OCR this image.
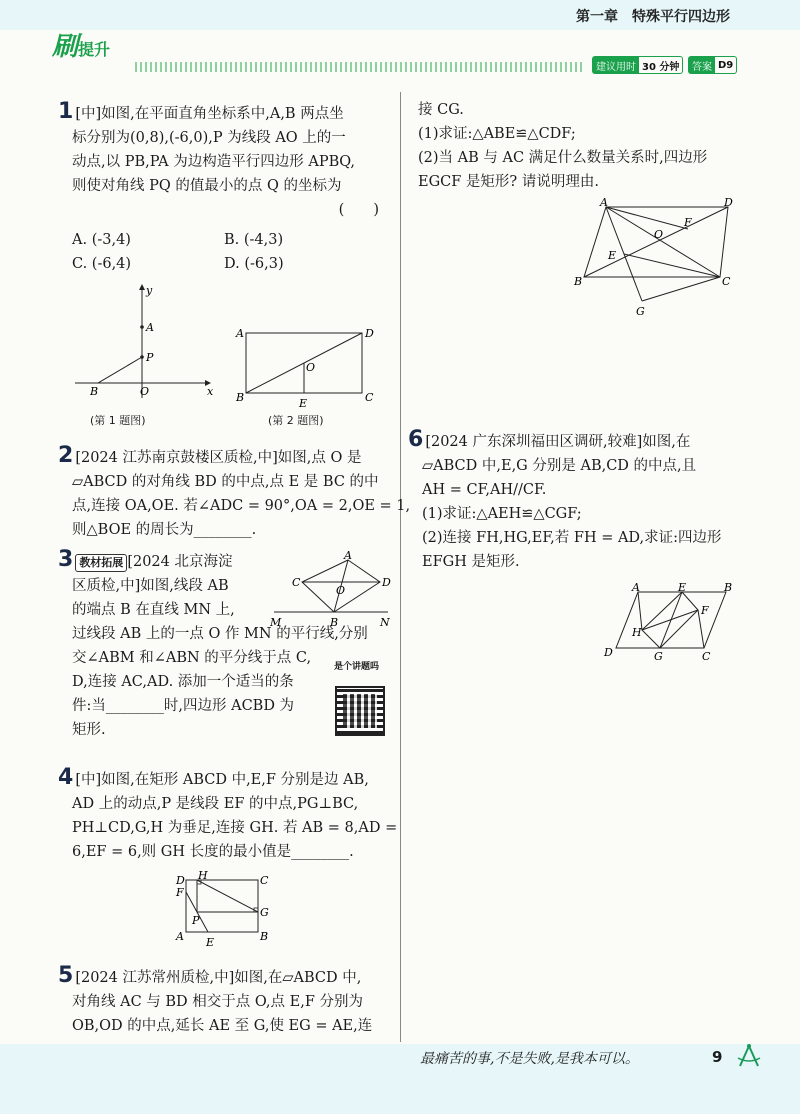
第一章　特殊平行四边形
刷提升
建议用时 30 分钟	答案 D9
1 [中]如图,在平面直角坐标系中,A,B 两点坐
标分别为(0,8),(-6,0),P 为线段 AO 上的一
动点,以 PB,PA 为边构造平行四边形 APBQ,
则使对角线 PQ 的值最小的点 Q 的坐标为
(　　)
A. (-3,4)	B. (-4,3)
C. (-6,4)	D. (-6,3)
y
x
A
P
B	O
(第 1 题图)
A	D
B	C
O
E
(第 2 题图)
2 [2024 江苏南京鼓楼区质检,中]如图,点 O 是
▱ABCD 的对角线 BD 的中点,点 E 是 BC 的中
点,连接 OA,OE. 若∠ADC = 90°,OA = 2,OE = 1,
则△BOE 的周长为________.
3 教材拓展 [2024 北京海淀
区质检,中]如图,线段 AB
的端点 B 在直线 MN 上,
过线段 AB 上的一点 O 作 MN 的平行线,分别
交∠ABM 和∠ABN 的平分线于点 C,
D,连接 AC,AD. 添加一个适当的条
件:当________时,四边形 ACBD 为
矩形.
A
C	D
O
M	B	N
是个讲题吗
4 [中]如图,在矩形 ABCD 中,E,F 分别是边 AB,
AD 上的动点,P 是线段 EF 的中点,PG⊥BC,
PH⊥CD,G,H 为垂足,连接 GH. 若 AB = 8,AD =
6,EF = 6,则 GH 长度的最小值是________.
D H	C
F
P
G
A E	B
5 [2024 江苏常州质检,中]如图,在▱ABCD 中,
对角线 AC 与 BD 相交于点 O,点 E,F 分别为
OB,OD 的中点,延长 AE 至 G,使 EG = AE,连
接 CG.
(1)求证:△ABE≌△CDF;
(2)当 AB 与 AC 满足什么数量关系时,四边形
EGCF 是矩形? 请说明理由.
A	D
B	C
O
E
F
G
6 [2024 广东深圳福田区调研,较难]如图,在
▱ABCD 中,E,G 分别是 AB,CD 的中点,且
AH = CF,AH//CF.
(1)求证:△AEH≌△CGF;
(2)连接 FH,HG,EF,若 FH = AD,求证:四边形
EFGH 是矩形.
A	E	B
F
H
D	G	C
最痛苦的事,不是失败,是我本可以。	9
